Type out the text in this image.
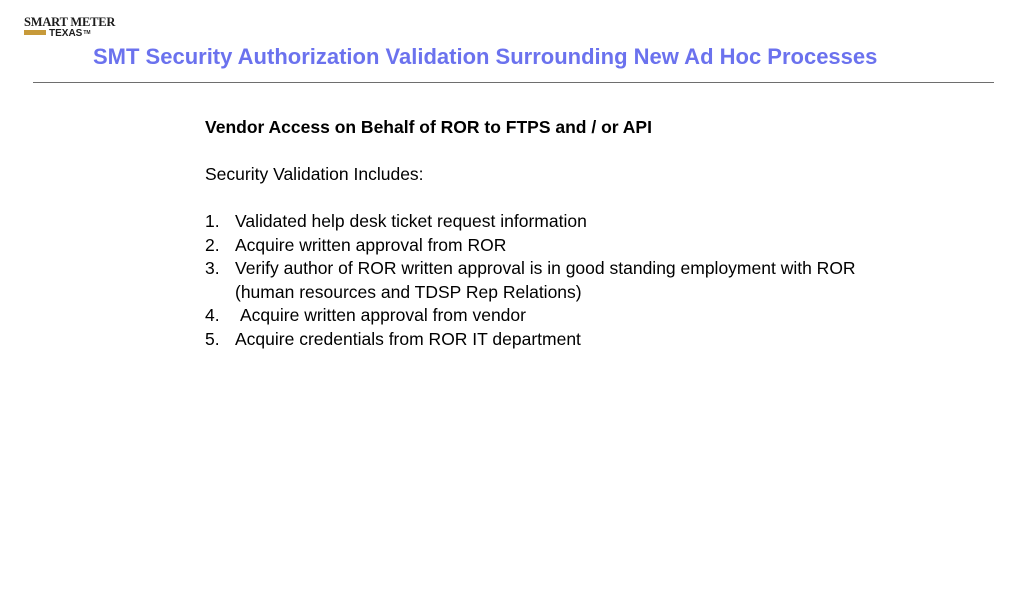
SMART METER
TEXAS™
SMT Security Authorization Validation Surrounding New Ad Hoc Processes

Vendor Access on Behalf of ROR to FTPS and / or API

Security Validation Includes:

1. Validated help desk ticket request information
2. Acquire written approval from ROR
3. Verify author of ROR written approval is in good standing employment with ROR (human resources and TDSP Rep Relations)
4.	Acquire written approval from vendor
5. Acquire credentials from ROR IT department
